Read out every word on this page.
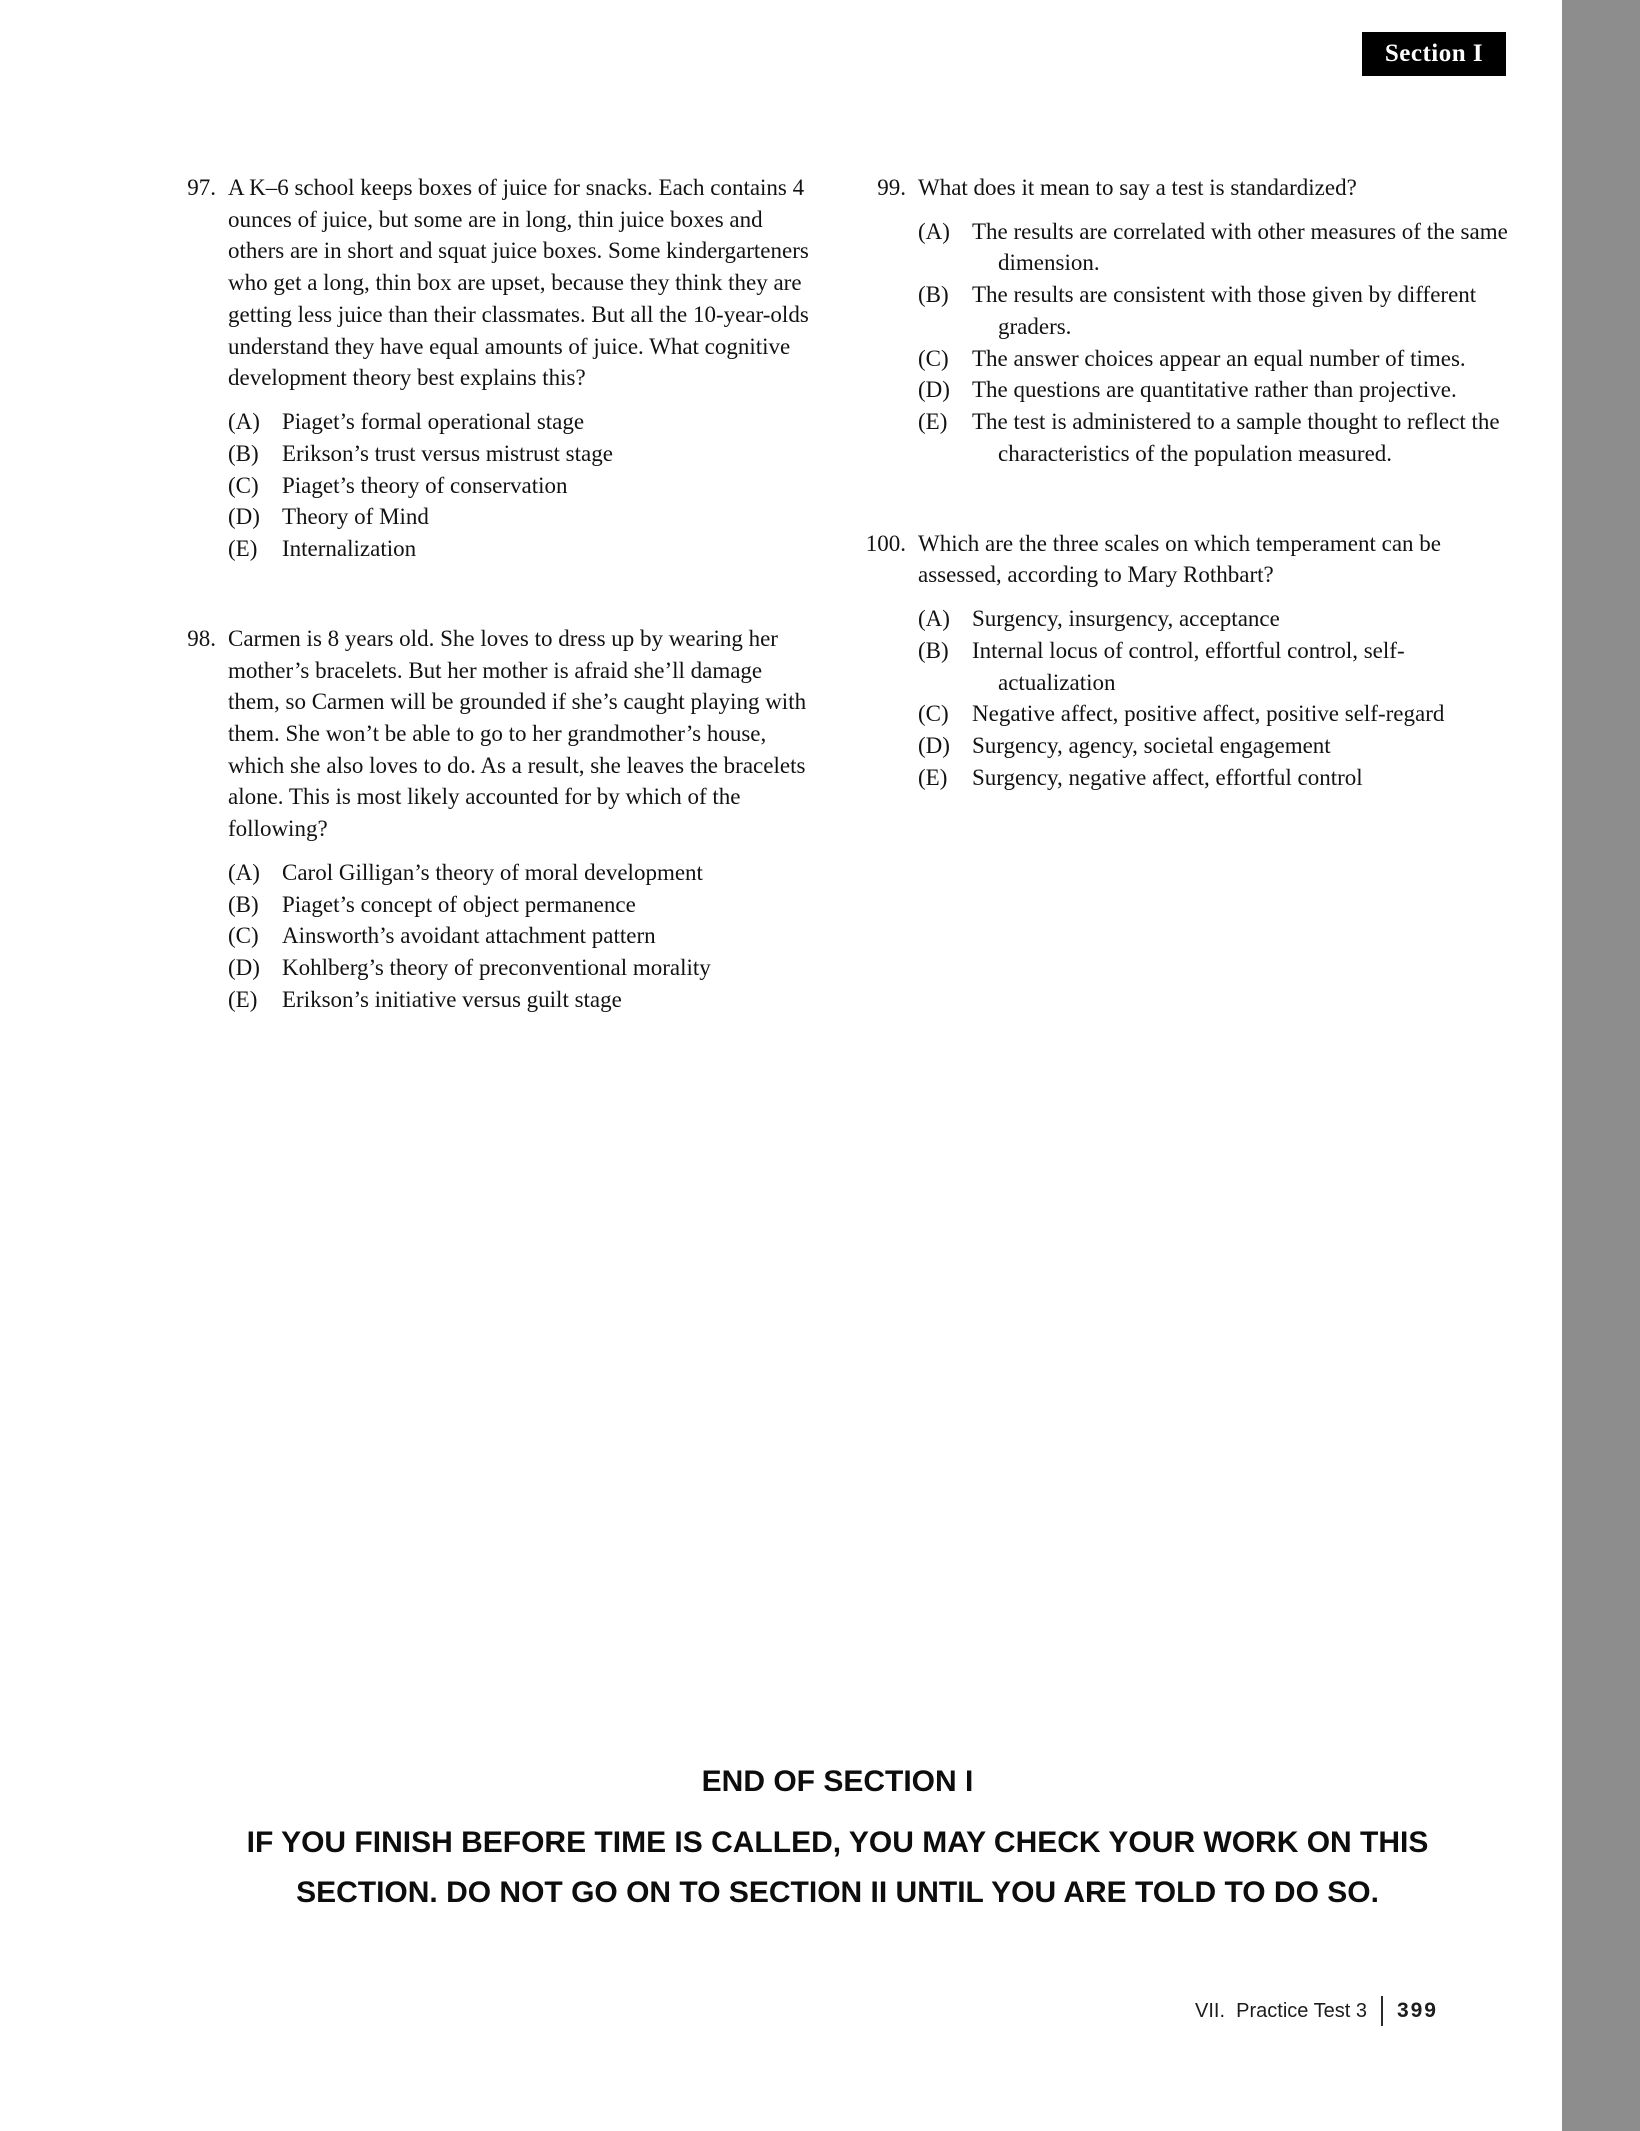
Section I
97. A K–6 school keeps boxes of juice for snacks. Each contains 4 ounces of juice, but some are in long, thin juice boxes and others are in short and squat juice boxes. Some kindergarteners who get a long, thin box are upset, because they think they are getting less juice than their classmates. But all the 10-year-olds understand they have equal amounts of juice. What cognitive development theory best explains this?
(A) Piaget’s formal operational stage
(B)	Erikson’s trust versus mistrust stage
(C)	Piaget’s theory of conservation
(D) Theory of Mind
(E)	Internalization
98. Carmen is 8 years old. She loves to dress up by wearing her mother’s bracelets. But her mother is afraid she’ll damage them, so Carmen will be grounded if she’s caught playing with them. She won’t be able to go to her grandmother’s house, which she also loves to do. As a result, she leaves the bracelets alone. This is most likely accounted for by which of the following?
(A) Carol Gilligan’s theory of moral development
(B)	Piaget’s concept of object permanence
(C)	Ainsworth’s avoidant attachment pattern
(D) Kohlberg’s theory of preconventional morality
(E)	Erikson’s initiative versus guilt stage
99. What does it mean to say a test is standardized?
(A) The results are correlated with other measures of the same dimension.
(B)	The results are consistent with those given by different graders.
(C)	The answer choices appear an equal number of times.
(D) The questions are quantitative rather than projective.
(E)	The test is administered to a sample thought to reflect the characteristics of the population measured.
100. Which are the three scales on which temperament can be assessed, according to Mary Rothbart?
(A) Surgency, insurgency, acceptance
(B)	Internal locus of control, effortful control, self-actualization
(C)	Negative affect, positive affect, positive self-regard
(D) Surgency, agency, societal engagement
(E)	Surgency, negative affect, effortful control
END OF SECTION I
IF YOU FINISH BEFORE TIME IS CALLED, YOU MAY CHECK YOUR WORK ON THIS SECTION. DO NOT GO ON TO SECTION II UNTIL YOU ARE TOLD TO DO SO.
VII.  Practice Test 3 399
